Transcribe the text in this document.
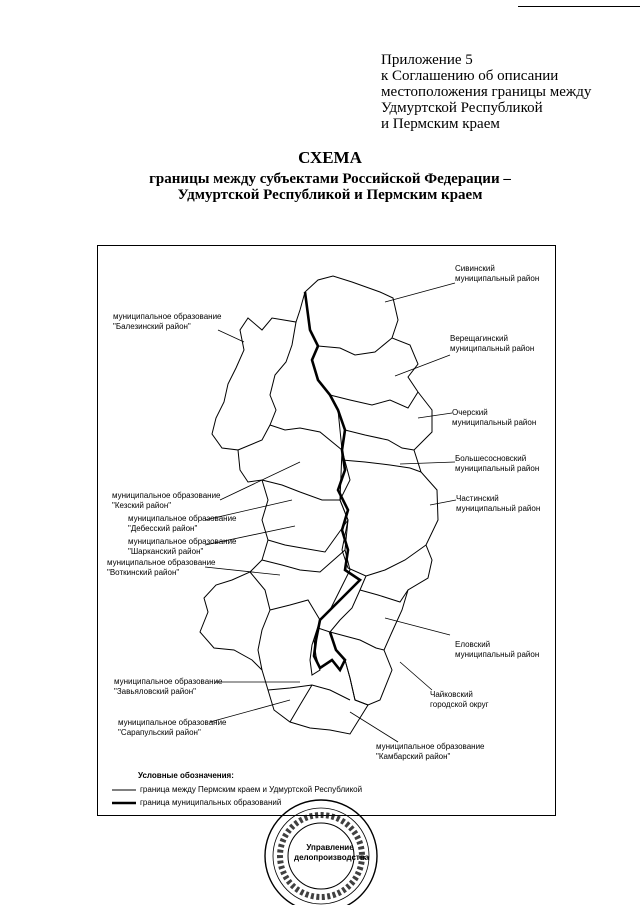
Приложение 5
к Соглашению об описании
местоположения границы между
Удмуртской Республикой
и Пермским краем
СХЕМА
границы между субъектами Российской Федерации –
Удмуртской Республикой и Пермским краем
Сивинский
муниципальный район
муниципальное образование
"Балезинский район"
Верещагинский
муниципальный район
Очерский
муниципальный район
Большесосновский
муниципальный район
муниципальное образование
"Кезский район"
Частинский
муниципальный район
муниципальное образование
"Дебесский район"
муниципальное образование
"Шарканский район"
муниципальное образование
"Воткинский район"
Еловский
муниципальный район
муниципальное образование
"Завьяловский район"	Чайковский
городской округ
муниципальное образование
"Сарапульский район"
муниципальное образование
"Камбарский район"
Условные обозначения:
граница между Пермским краем и Удмуртской Республикой
граница муниципальных образований
Управление
делопроизводства
